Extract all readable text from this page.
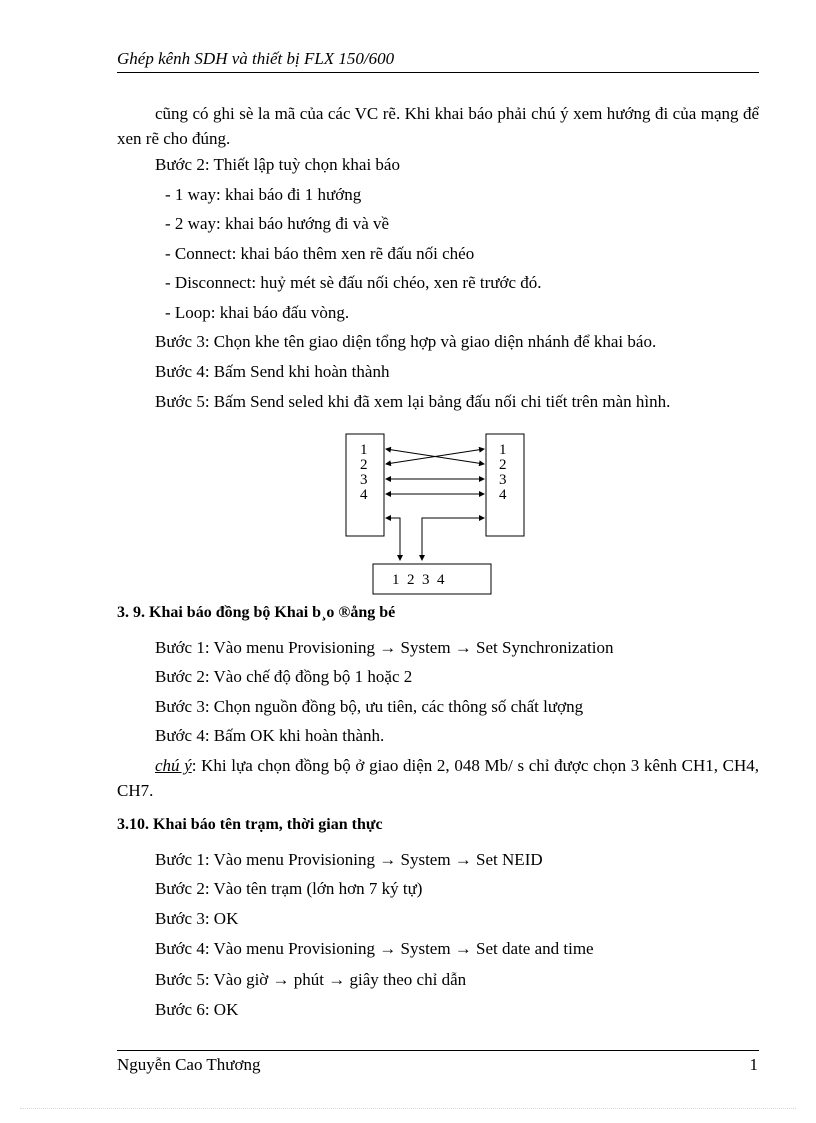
Ghép kênh SDH và thiết bị FLX 150/600
cũng có ghi sè la mã của các VC rẽ. Khi khai báo phải chú ý xem hướng đi của mạng để xen rẽ cho đúng.
Bước 2: Thiết lập tuỳ chọn khai báo
- 1 way: khai báo đi 1 hướng
- 2 way: khai báo hướng đi và về
- Connect: khai báo thêm xen rẽ đấu nối chéo
- Disconnect: huỷ mét sè đấu nối chéo, xen rẽ trước đó.
- Loop: khai báo đấu vòng.
Bước 3: Chọn khe tên giao diện tổng hợp và giao diện nhánh để khai báo.
Bước 4: Bấm Send khi hoàn thành
Bước 5: Bấm Send seled khi đã xem lại bảng đấu nối chi tiết trên màn hình.
1
2
3
4
1
2
3
4
1  2  3  4
3. 9. Khai báo đồng bộ Khai b¸o ®ång bé
Bước 1: Vào menu Provisioning → System → Set Synchronization
Bước 2: Vào chế độ đồng bộ 1 hoặc 2
Bước 3: Chọn nguồn đồng bộ, ưu tiên, các thông số chất lượng
Bước 4: Bấm OK khi hoàn thành.
chú ý: Khi lựa chọn đồng bộ ở giao diện 2, 048 Mb/ s chỉ được chọn 3 kênh CH1, CH4, CH7.
3.10. Khai báo tên trạm, thời gian thực
Bước 1: Vào menu Provisioning → System → Set NEID
Bước 2: Vào tên trạm (lớn hơn 7 ký tự)
Bước 3: OK
Bước 4: Vào menu Provisioning → System → Set date and time
Bước 5: Vào giờ → phút → giây theo chỉ dẫn
Bước 6: OK
Nguyễn Cao Thương	1
